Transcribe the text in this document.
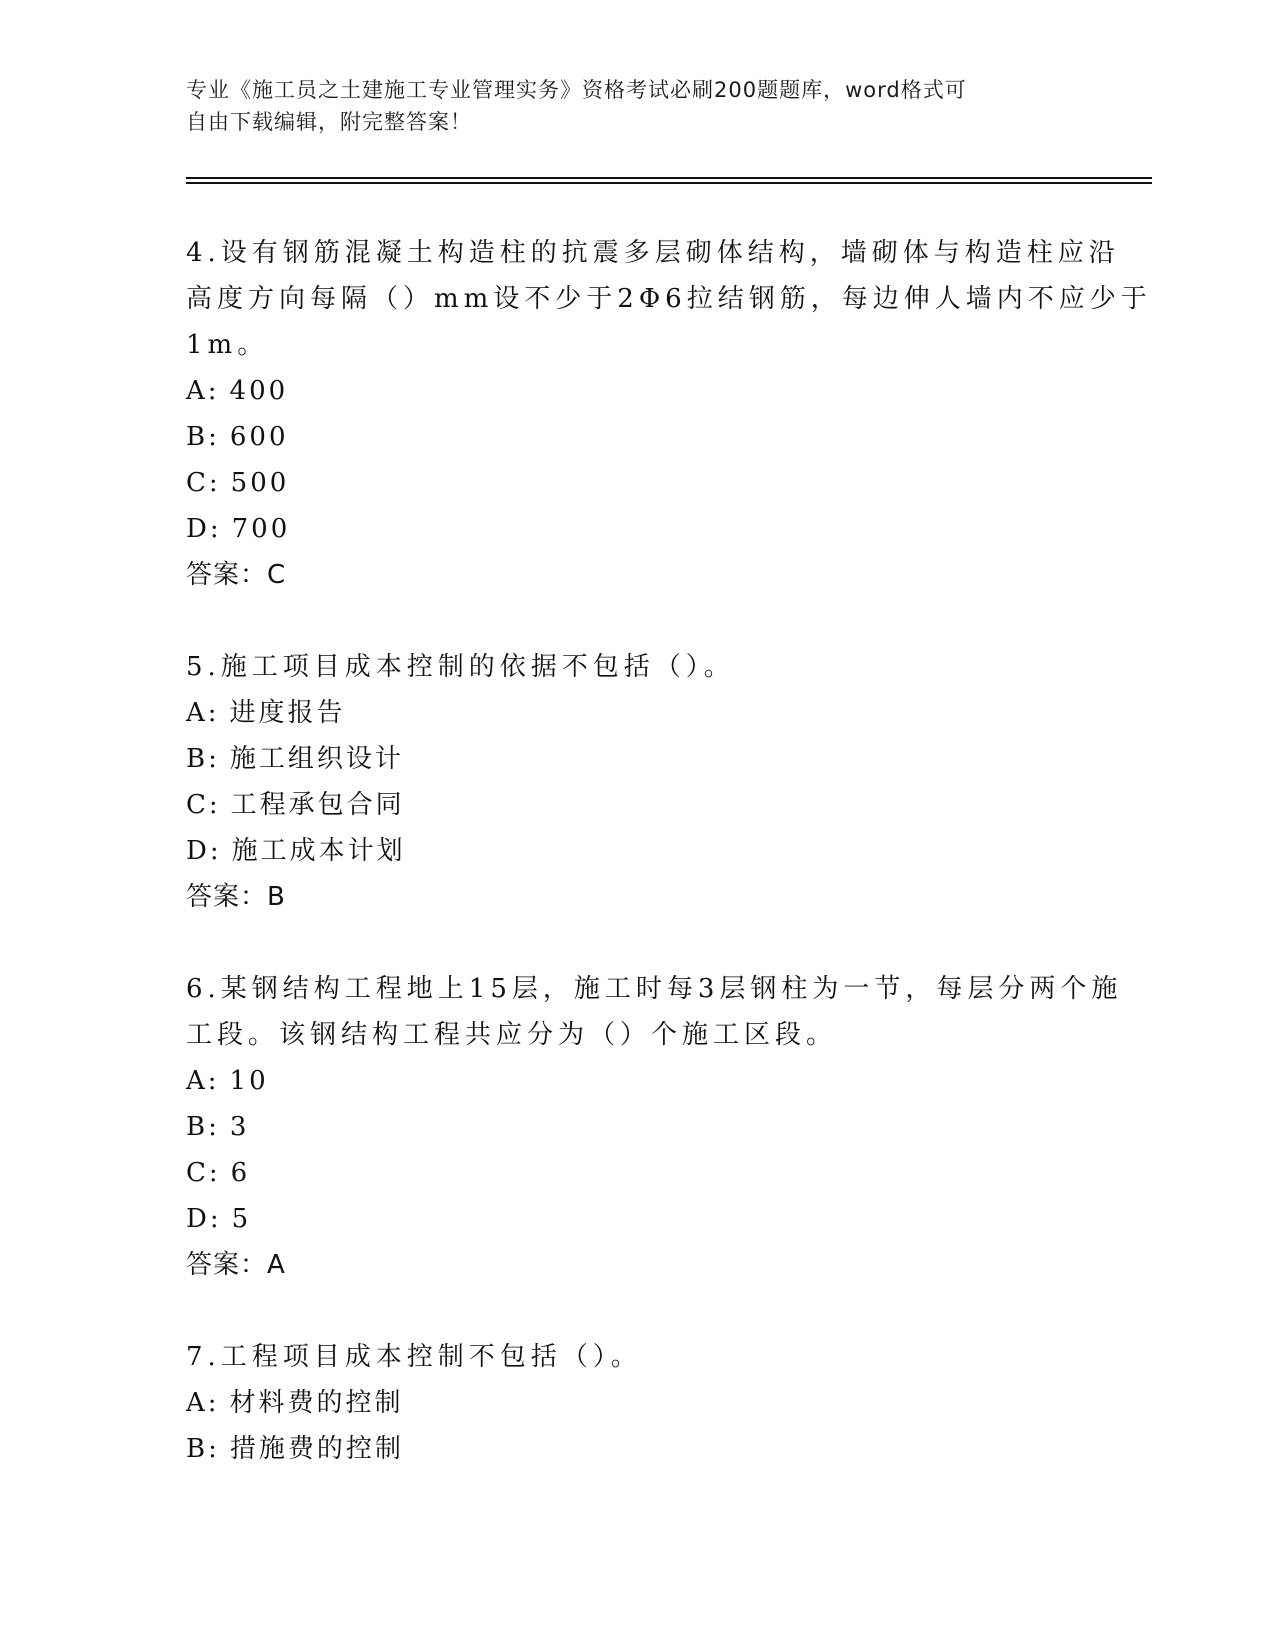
专业《施工员之土建施工专业管理实务》资格考试必刷200题题库，word格式可
自由下载编辑，附完整答案！
4.设有钢筋混凝土构造柱的抗震多层砌体结构，墙砌体与构造柱应沿
高度方向每隔（）mm设不少于2Φ6拉结钢筋，每边伸人墙内不应少于
1m。
A: 400
B: 600
C: 500
D: 700
答案：C
5.施工项目成本控制的依据不包括（）。
A: 进度报告
B: 施工组织设计
C: 工程承包合同
D: 施工成本计划
答案：B
6.某钢结构工程地上15层，施工时每3层钢柱为一节，每层分两个施
工段。该钢结构工程共应分为（）个施工区段。
A: 10
B: 3
C: 6
D: 5
答案：A
7.工程项目成本控制不包括（）。
A: 材料费的控制
B: 措施费的控制
